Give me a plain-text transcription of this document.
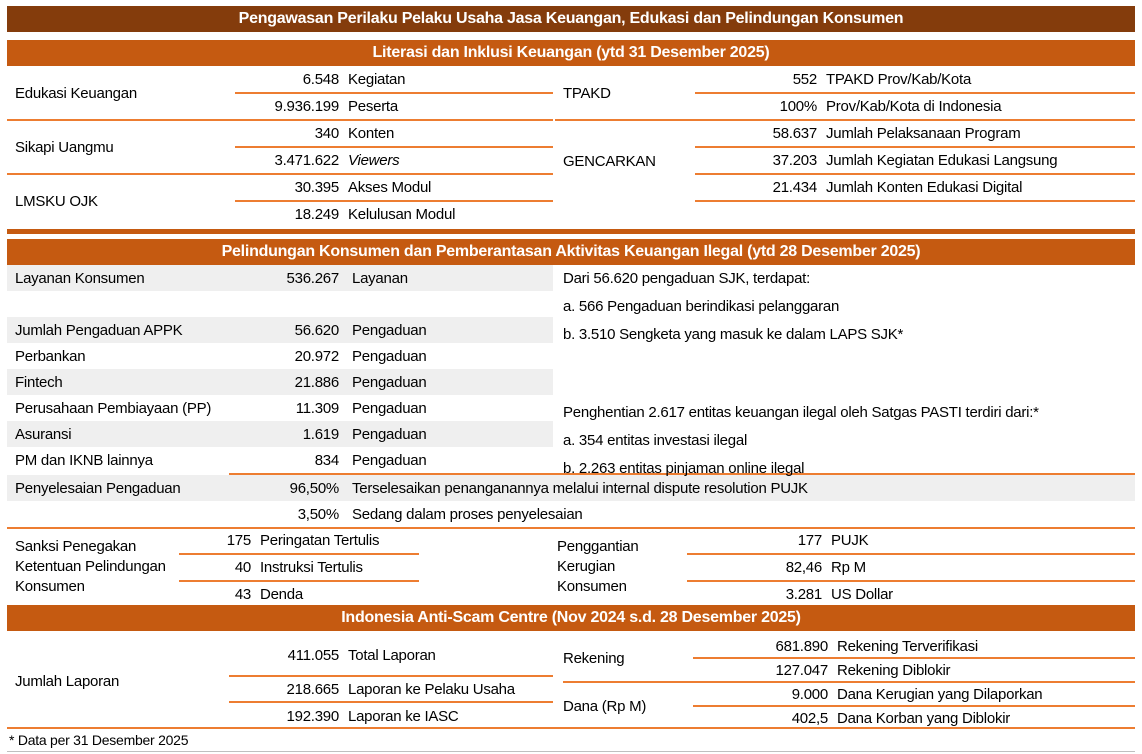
Pengawasan Perilaku Pelaku Usaha Jasa Keuangan, Edukasi dan Pelindungan Konsumen
Literasi dan Inklusi Keuangan (ytd 31 Desember 2025)
Edukasi Keuangan
6.548 Kegiatan
9.936.199 Peserta
Sikapi Uangmu
340 Konten
3.471.622 Viewers
LMSKU OJK
30.395 Akses Modul
18.249 Kelulusan Modul
TPAKD
552 TPAKD Prov/Kab/Kota
100% Prov/Kab/Kota di Indonesia
GENCARKAN
58.637 Jumlah Pelaksanaan Program
37.203 Jumlah Kegiatan Edukasi Langsung
21.434 Jumlah Konten Edukasi Digital
Pelindungan Konsumen dan Pemberantasan Aktivitas Keuangan Ilegal (ytd 28 Desember 2025)
Layanan Konsumen	536.267 Layanan
Jumlah Pengaduan APPK	56.620 Pengaduan
Perbankan	20.972 Pengaduan
Fintech	21.886 Pengaduan
Perusahaan Pembiayaan (PP)	11.309 Pengaduan
Asuransi	1.619 Pengaduan
PM dan IKNB lainnya	834 Pengaduan
Penyelesaian Pengaduan	96,50% Terselesaikan penanganannya melalui internal dispute resolution PUJK
3,50% Sedang dalam proses penyelesaian
Sanksi Penegakan Ketentuan Pelindungan Konsumen
175 Peringatan Tertulis
40 Instruksi Tertulis
43 Denda
Penggantian Kerugian Konsumen
177 PUJK
82,46 Rp M
3.281 US Dollar
Dari 56.620 pengaduan SJK, terdapat:
a. 566 Pengaduan berindikasi pelanggaran
b. 3.510 Sengketa yang masuk ke dalam LAPS SJK*
Penghentian 2.617 entitas keuangan ilegal oleh Satgas PASTI terdiri dari:*
a. 354 entitas investasi ilegal
b. 2.263 entitas pinjaman online ilegal
Indonesia Anti-Scam Centre (Nov 2024 s.d. 28 Desember 2025)
Jumlah Laporan
411.055 Total Laporan
218.665 Laporan ke Pelaku Usaha
192.390 Laporan ke IASC
Rekening
681.890 Rekening Terverifikasi
127.047 Rekening Diblokir
Dana (Rp M)
9.000 Dana Kerugian yang Dilaporkan
402,5 Dana Korban yang Diblokir
* Data per 31 Desember 2025
